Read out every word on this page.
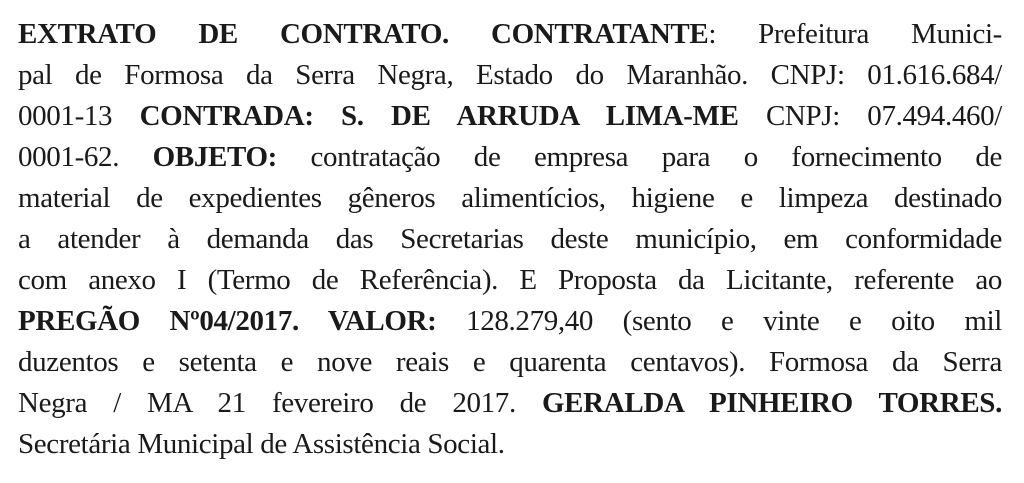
EXTRATO DE CONTRATO. CONTRATANTE: Prefeitura Munici-
pal de Formosa da Serra Negra, Estado do Maranhão. CNPJ: 01.616.684/
0001-13 CONTRADA: S. DE ARRUDA LIMA-ME CNPJ: 07.494.460/
0001-62. OBJETO: contratação de empresa para o fornecimento de
material de expedientes gêneros alimentícios, higiene e limpeza destinado
a atender à demanda das Secretarias deste município, em conformidade
com anexo I (Termo de Referência). E Proposta da Licitante, referente ao
PREGÃO Nº04/2017. VALOR: 128.279,40 (sento e vinte e oito mil
duzentos e setenta e nove reais e quarenta centavos). Formosa da Serra
Negra / MA 21 fevereiro de 2017. GERALDA PINHEIRO TORRES.
Secretária Municipal de Assistência Social.
